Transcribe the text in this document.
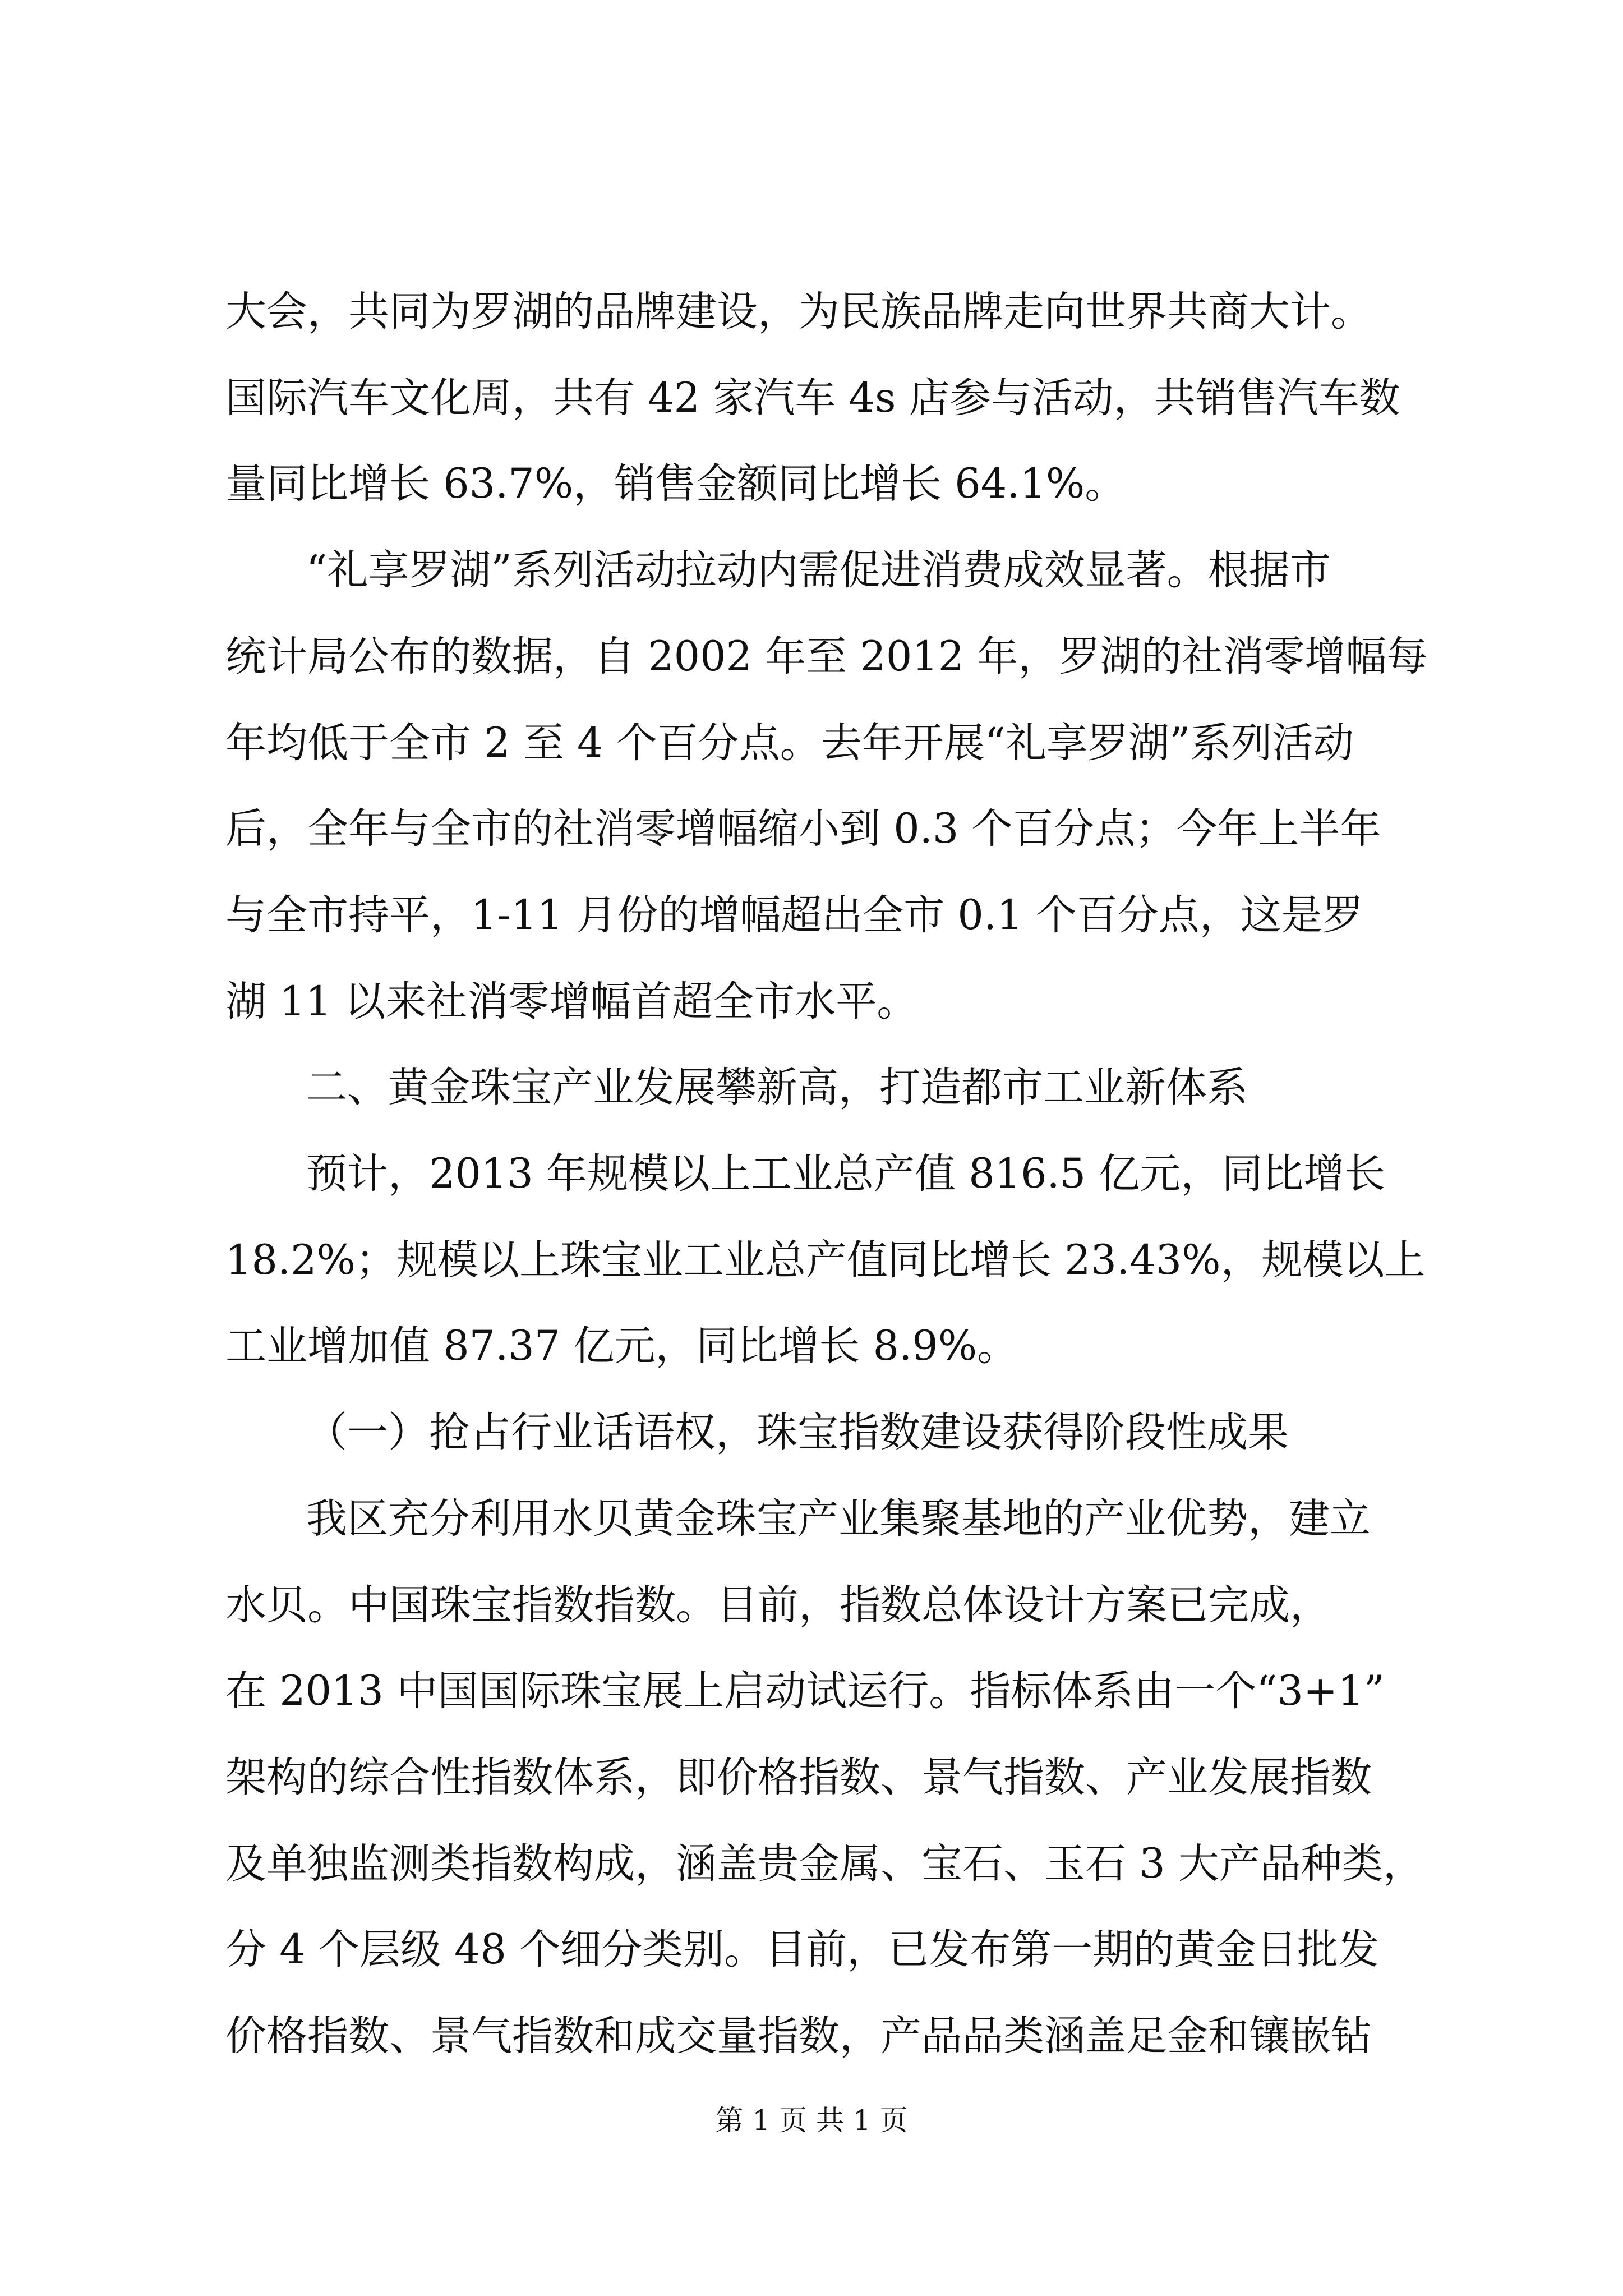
大会，共同为罗湖的品牌建设，为民族品牌走向世界共商大计。
国际汽车文化周，共有 42 家汽车 4s 店参与活动，共销售汽车数
量同比增长 63.7%，销售金额同比增长 64.1%。
“礼享罗湖”系列活动拉动内需促进消费成效显著。根据市
统计局公布的数据，自 2002 年至 2012 年，罗湖的社消零增幅每
年均低于全市 2 至 4 个百分点。去年开展“礼享罗湖”系列活动
后，全年与全市的社消零增幅缩小到 0.3 个百分点；今年上半年
与全市持平，1-11 月份的增幅超出全市 0.1 个百分点，这是罗
湖 11 以来社消零增幅首超全市水平。
二、黄金珠宝产业发展攀新高，打造都市工业新体系
预计，2013 年规模以上工业总产值 816.5 亿元，同比增长
18.2%；规模以上珠宝业工业总产值同比增长 23.43%，规模以上
工业增加值 87.37 亿元，同比增长 8.9%。
（一）抢占行业话语权，珠宝指数建设获得阶段性成果
我区充分利用水贝黄金珠宝产业集聚基地的产业优势，建立
水贝。中国珠宝指数指数。目前，指数总体设计方案已完成，
在 2013 中国国际珠宝展上启动试运行。指标体系由一个“3+1”
架构的综合性指数体系，即价格指数、景气指数、产业发展指数
及单独监测类指数构成，涵盖贵金属、宝石、玉石 3 大产品种类，
分 4 个层级 48 个细分类别。目前，已发布第一期的黄金日批发
价格指数、景气指数和成交量指数，产品品类涵盖足金和镶嵌钻
第 1 页 共 1 页
